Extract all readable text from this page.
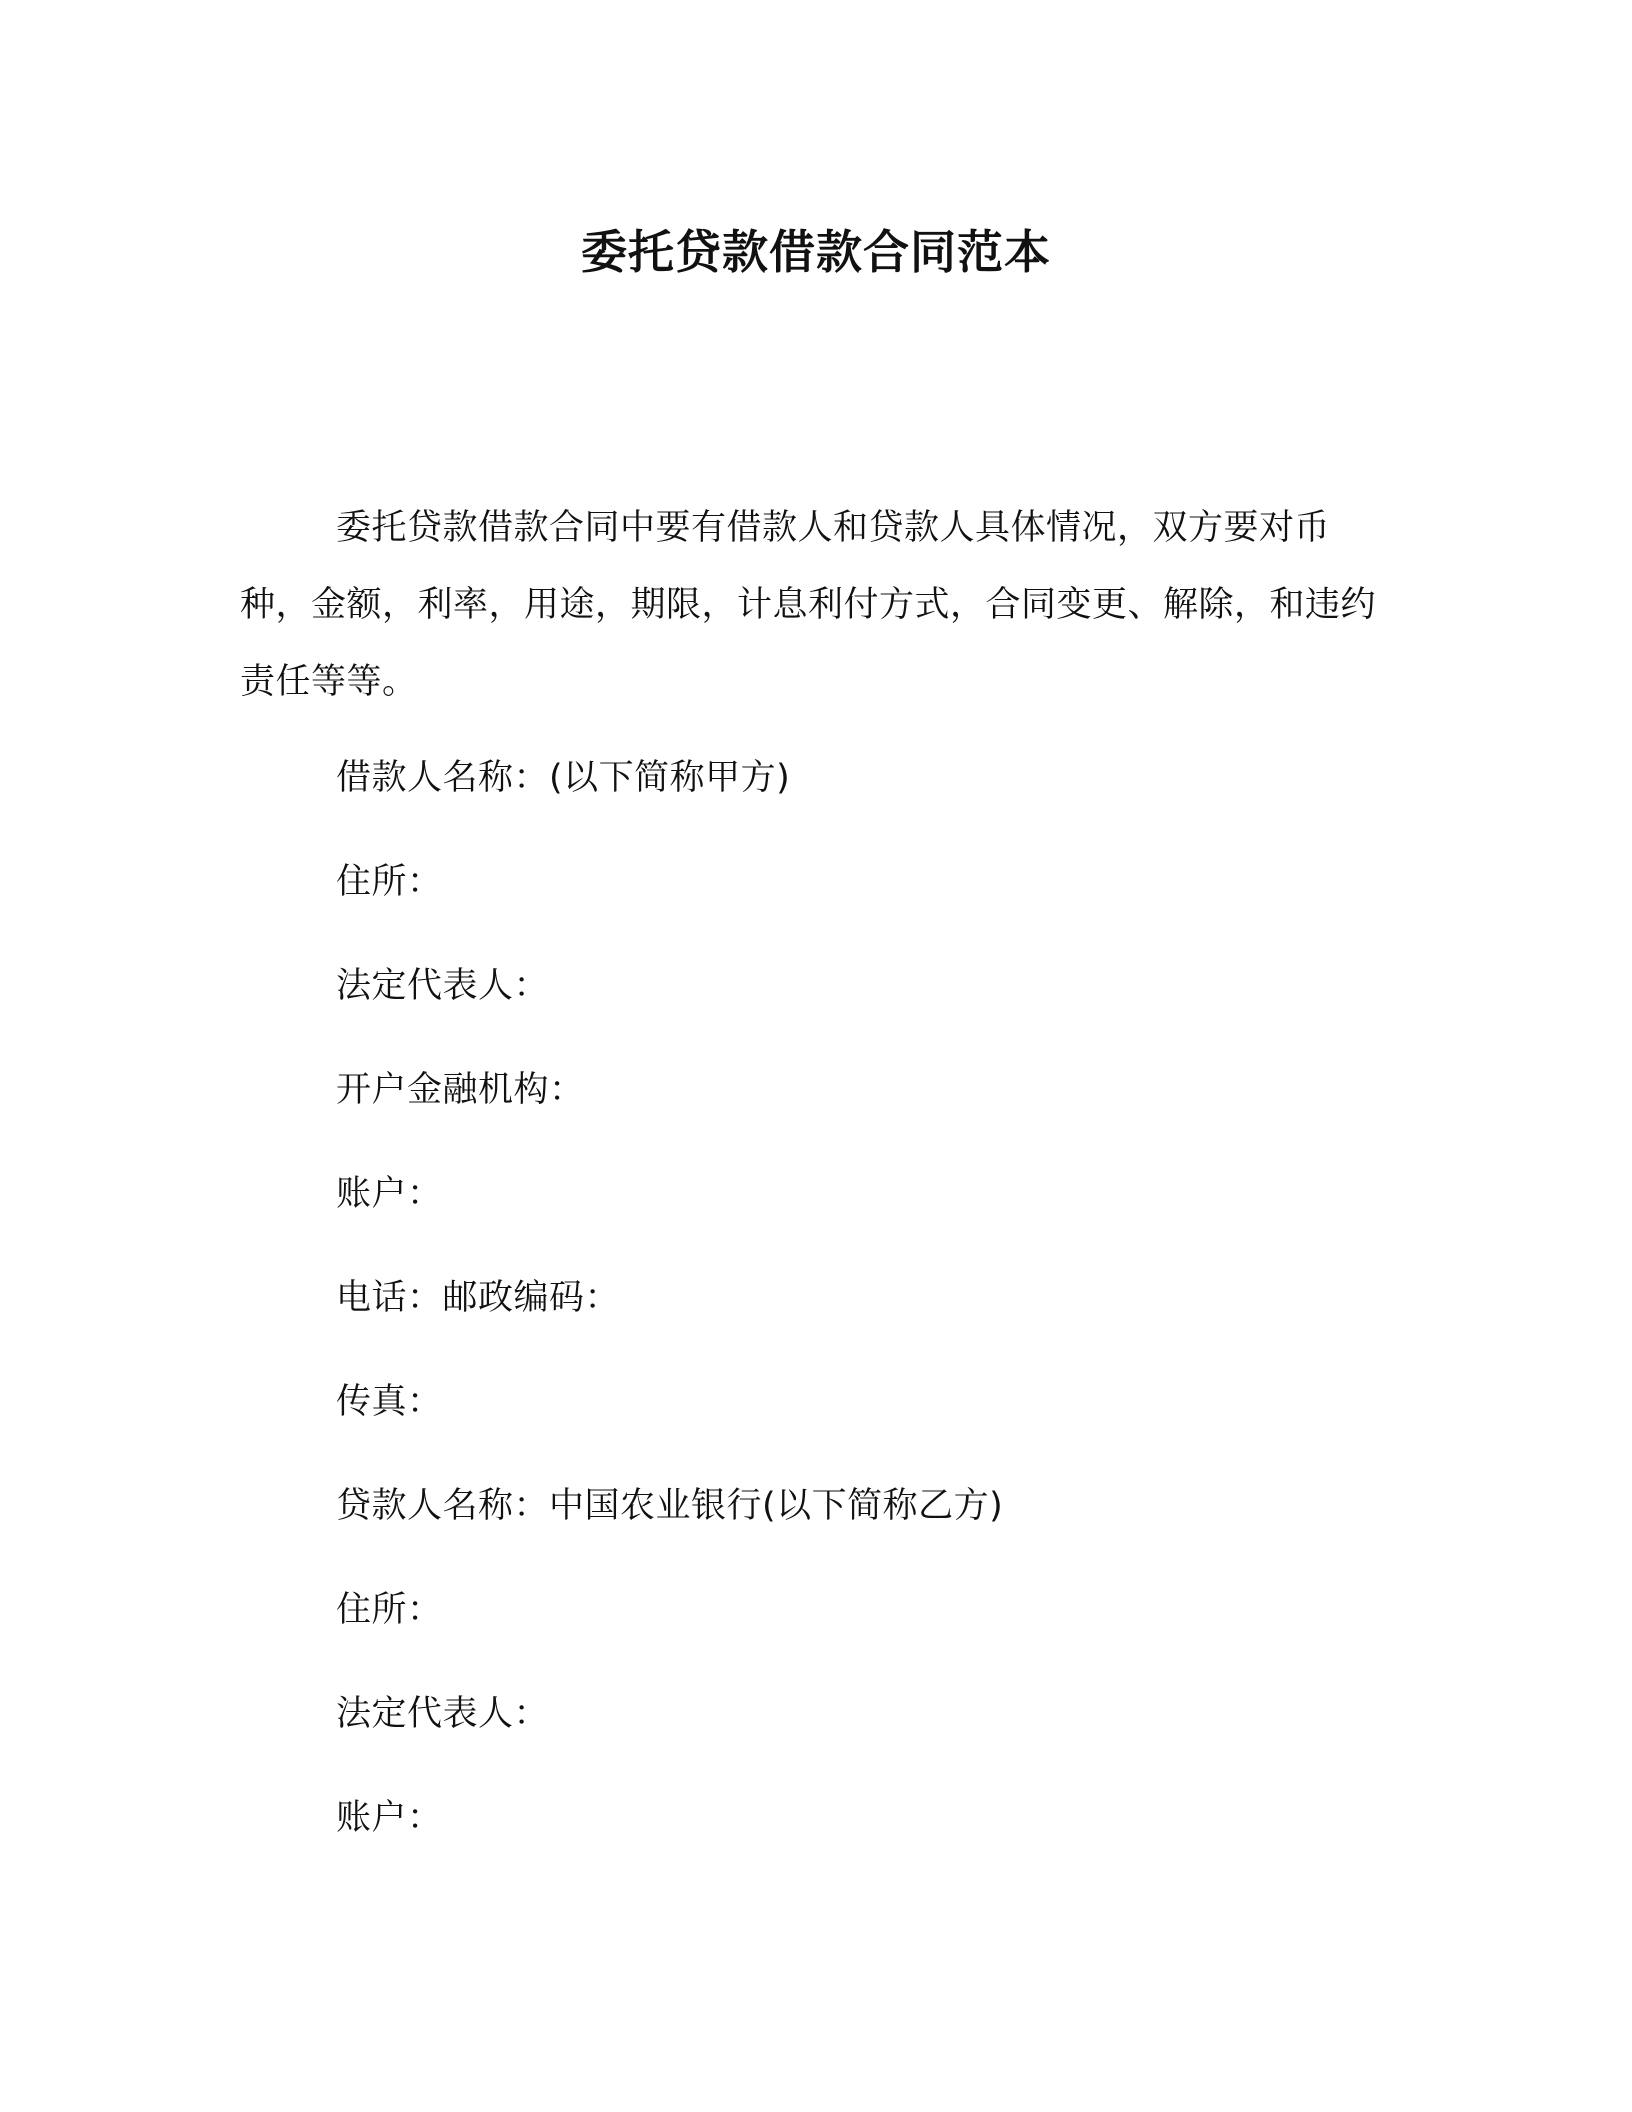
委托贷款借款合同范本

委托贷款借款合同中要有借款人和贷款人具体情况，双方要对币种，金额，利率，用途，期限，计息利付方式，合同变更、解除，和违约责任等等。

借款人名称：(以下简称甲方)
住所：
法定代表人：
开户金融机构：
账户：
电话：邮政编码：
传真：
贷款人名称：中国农业银行(以下简称乙方)
住所：
法定代表人：
账户：
